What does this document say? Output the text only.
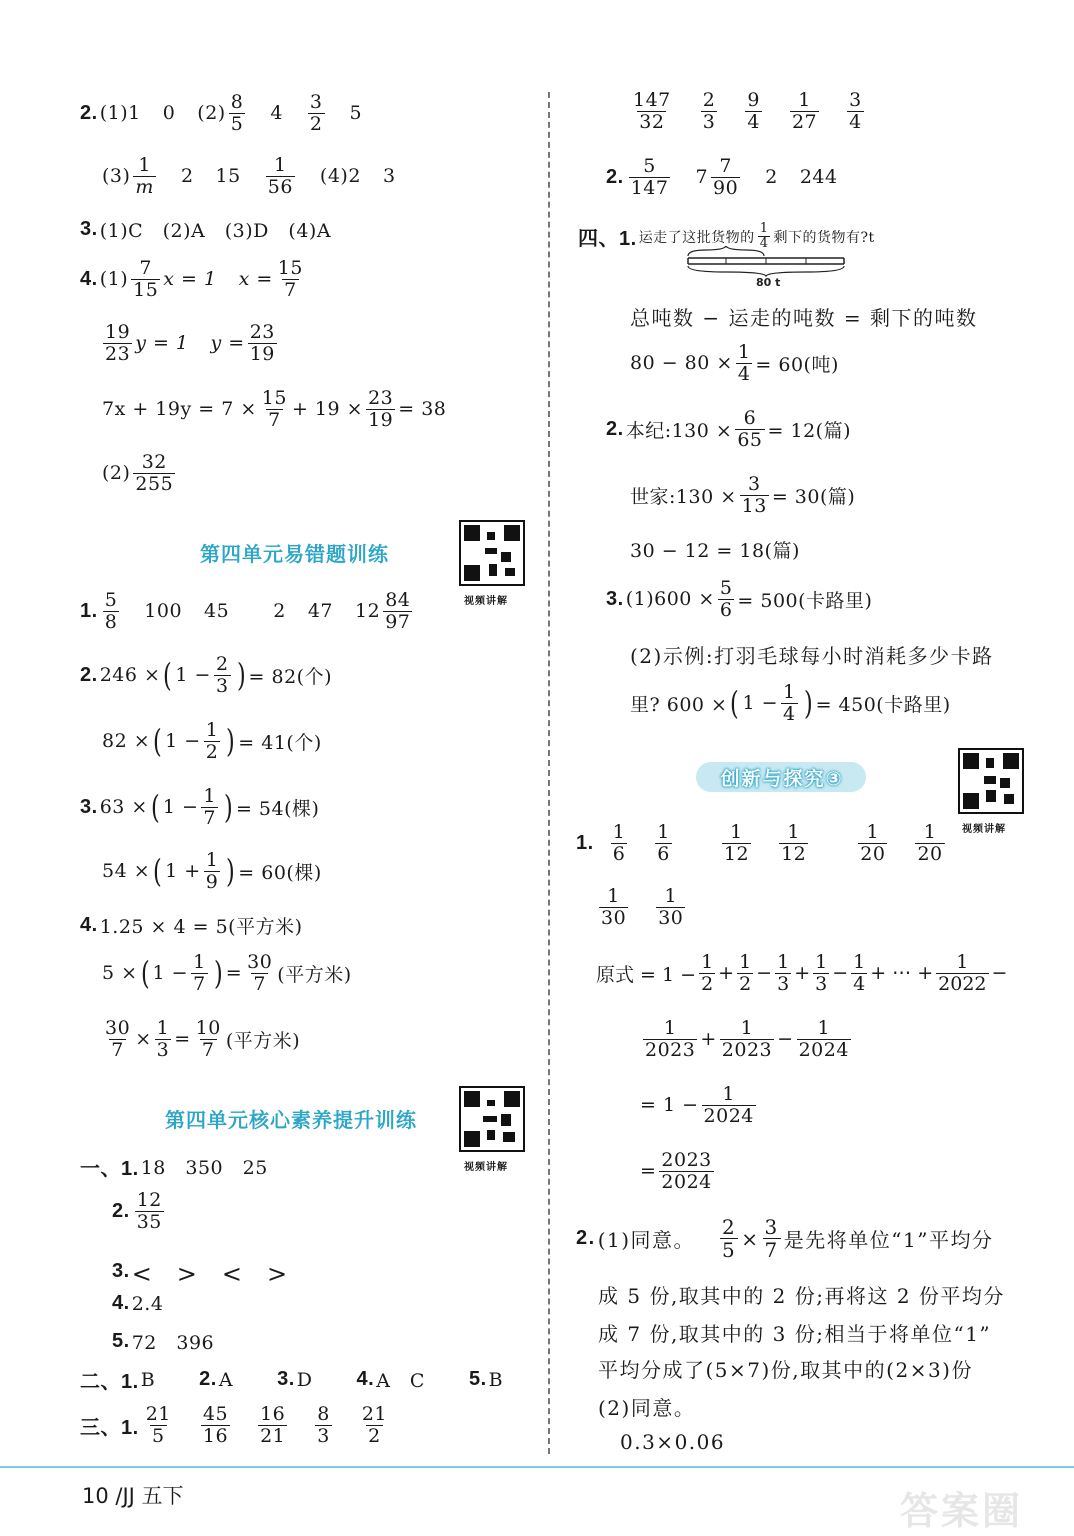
10 /JJ 五下	答案圈
2. (1)1 0 $(2) \frac{8}{5} 4 \frac{3}{2} 5$
$(3) \frac{1}{m} 2$ $15 \frac{1}{56} (4)2$ 3
3. (1)C　(2)A　(3)D　(4)A
4. $(1) \frac{7}{15}$ x = 1 $x = \frac{15}{7}$
$\frac{19}{23}$ y = 1 $y = \frac{23}{19}$
$7x + 19y = 7 \times \frac{15}{7} + 19 \times \frac{23}{19} = 38$
$(2) \frac{32}{255}$
第四单元易错题训练
视频讲解
1. $\frac{5}{8} 100$ 45 2 47 $12 \frac{84}{97}$
2. 246 × ( $1 - \frac{2}{3}$ ) = 82(个)
82 × ( $1 - \frac{1}{2}$ ) = 41(个)
3. 63 × ( $1 - \frac{1}{7}$ ) = 54(棵)
54 × ( $1 + \frac{1}{9}$ ) = 60(棵)
4. 1.25 × 4 = 5(平方米)
5 × ( $1 - \frac{1}{7}$ ) = $\frac{30}{7}$ (平方米)
$\frac{30}{7} \times \frac{1}{3} = \frac{10}{7}$ (平方米)
第四单元核心素养提升训练
视频讲解
一、1. 18　350　25
2. $\frac{12}{35}$
3. <　>　<　>
4. 2.4
5. 72　396
二、1. B 2. A 3. D 4. A　C 5. B
三、1. $\frac{21}{5} \frac{45}{16} \frac{16}{21} \frac{8}{3} \frac{21}{2}$
$\frac{147}{32} \frac{2}{3} \frac{9}{4} \frac{1}{27} \frac{3}{4}$
2. $\frac{5}{147} 7 \frac{7}{90} 2$ 244
四、1. 运走了这批货物的 $\frac{1}{4}$ 剩下的货物有?t
80 t
总吨数 − 运走的吨数 = 剩下的吨数
$80 - 80 \times \frac{1}{4} = 60$(吨)
2. 本纪:130 × $\frac{6}{65} = 12$(篇)
世家:130 × $\frac{3}{13} = 30$(篇)
30 − 12 = 18(篇)
3. $(1)600 \times \frac{5}{6} = 500$(卡路里)
(2)示例:打羽毛球每小时消耗多少卡路
里? 600 × ( $1 - \frac{1}{4}$ ) = 450(卡路里)
创新与探究③
视频讲解
1. $\frac{1}{6} \frac{1}{6}$	$\frac{1}{12} \frac{1}{12}$	$\frac{1}{20} \frac{1}{20}$
$\frac{1}{30} \frac{1}{30}$
原式 = $1 - \frac{1}{2} + \frac{1}{2} - \frac{1}{3} + \frac{1}{3} - \frac{1}{4}$ + ⋯ + $\frac{1}{2022}$ −
$\frac{1}{2023} + \frac{1}{2023} - \frac{1}{2024}$
= $1 - \frac{1}{2024}$
= $\frac{2023}{2024}$
2. (1)同意。 $\frac{2}{5} \times \frac{3}{7}$ 是先将单位“1”平均分
成 5 份,取其中的 2 份;再将这 2 份平均分
成 7 份,取其中的 3 份;相当于将单位“1”
平均分成了(5×7)份,取其中的(2×3)份
(2)同意。
0.3×0.06
